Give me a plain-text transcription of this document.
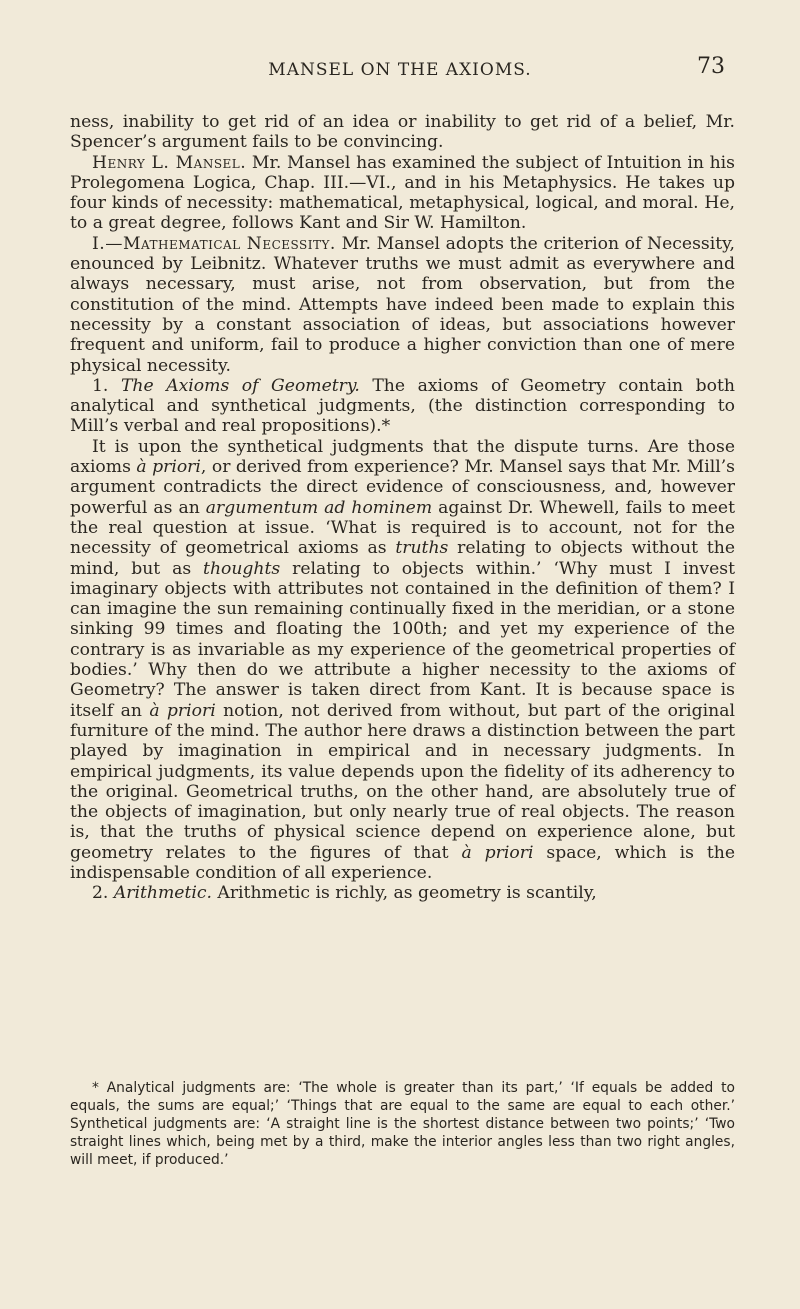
MANSEL ON THE AXIOMS.	73

ness, inability to get rid of an idea or inability to get rid of a belief, Mr. Spencer’s argument fails to be convincing.

Henry L. Mansel. Mr. Mansel has examined the subject of Intuition in his Prolegomena Logica, Chap. III.—VI., and in his Metaphysics. He takes up four kinds of necessity: mathematical, metaphysical, logical, and moral. He, to a great degree, follows Kant and Sir W. Hamilton.

I.—Mathematical Necessity. Mr. Mansel adopts the criterion of Necessity, enounced by Leibnitz. Whatever truths we must admit as everywhere and always necessary, must arise, not from observation, but from the constitution of the mind. Attempts have indeed been made to explain this necessity by a constant association of ideas, but associations however frequent and uniform, fail to produce a higher conviction than one of mere physical necessity.

1. The Axioms of Geometry. The axioms of Geometry contain both analytical and synthetical judgments, (the distinction corresponding to Mill’s verbal and real propositions).*

It is upon the synthetical judgments that the dispute turns. Are those axioms à priori, or derived from experience? Mr. Mansel says that Mr. Mill’s argument contradicts the direct evidence of consciousness, and, however powerful as an argumentum ad hominem against Dr. Whewell, fails to meet the real question at issue. ‘What is required is to account, not for the necessity of geometrical axioms as truths relating to objects without the mind, but as thoughts relating to objects within.’ ‘Why must I invest imaginary objects with attributes not contained in the definition of them? I can imagine the sun remaining continually fixed in the meridian, or a stone sinking 99 times and floating the 100th; and yet my experience of the contrary is as invariable as my experience of the geometrical properties of bodies.’ Why then do we attribute a higher necessity to the axioms of Geometry? The answer is taken direct from Kant. It is because space is itself an à priori notion, not derived from without, but part of the original furniture of the mind. The author here draws a distinction between the part played by imagination in empirical and in necessary judgments. In empirical judgments, its value depends upon the fidelity of its adherency to the original. Geometrical truths, on the other hand, are absolutely true of the objects of imagination, but only nearly true of real objects. The reason is, that the truths of physical science depend on experience alone, but geometry relates to the figures of that à priori space, which is the indispensable condition of all experience.

2. Arithmetic. Arithmetic is richly, as geometry is scantily,

* Analytical judgments are: ‘The whole is greater than its part,’ ‘If equals be added to equals, the sums are equal;’ ‘Things that are equal to the same are equal to each other.’ Synthetical judgments are: ‘A straight line is the shortest distance between two points;’ ‘Two straight lines which, being met by a third, make the interior angles less than two right angles, will meet, if produced.’
